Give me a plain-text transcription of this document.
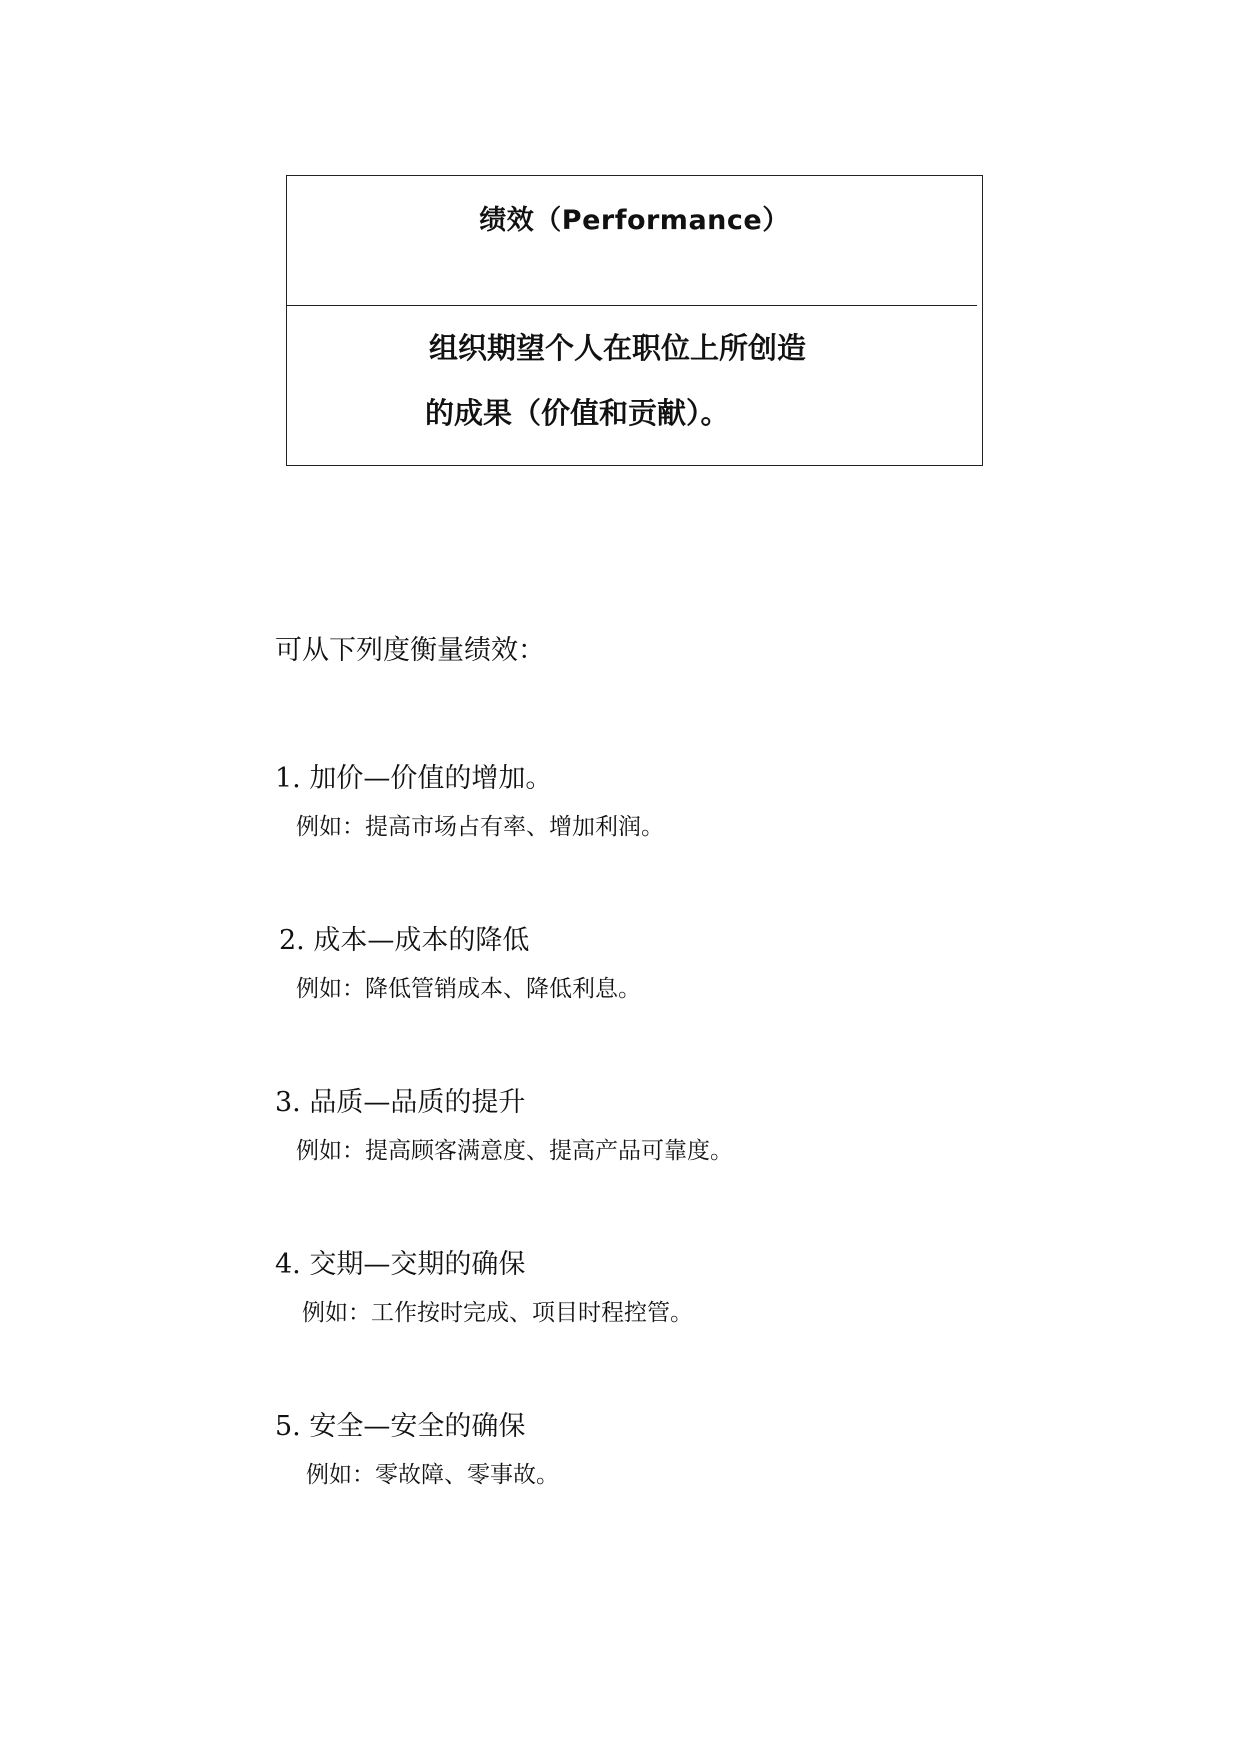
绩效（Performance）
组织期望个人在职位上所创造
的成果（价值和贡献）。
可从下列度衡量绩效：
1. 加价—价值的增加。
例如：提高市场占有率、增加利润。
2. 成本—成本的降低
例如：降低管销成本、降低利息。
3. 品质—品质的提升
例如：提高顾客满意度、提高产品可靠度。
4. 交期—交期的确保
例如：工作按时完成、项目时程控管。
5. 安全—安全的确保
例如：零故障、零事故。
